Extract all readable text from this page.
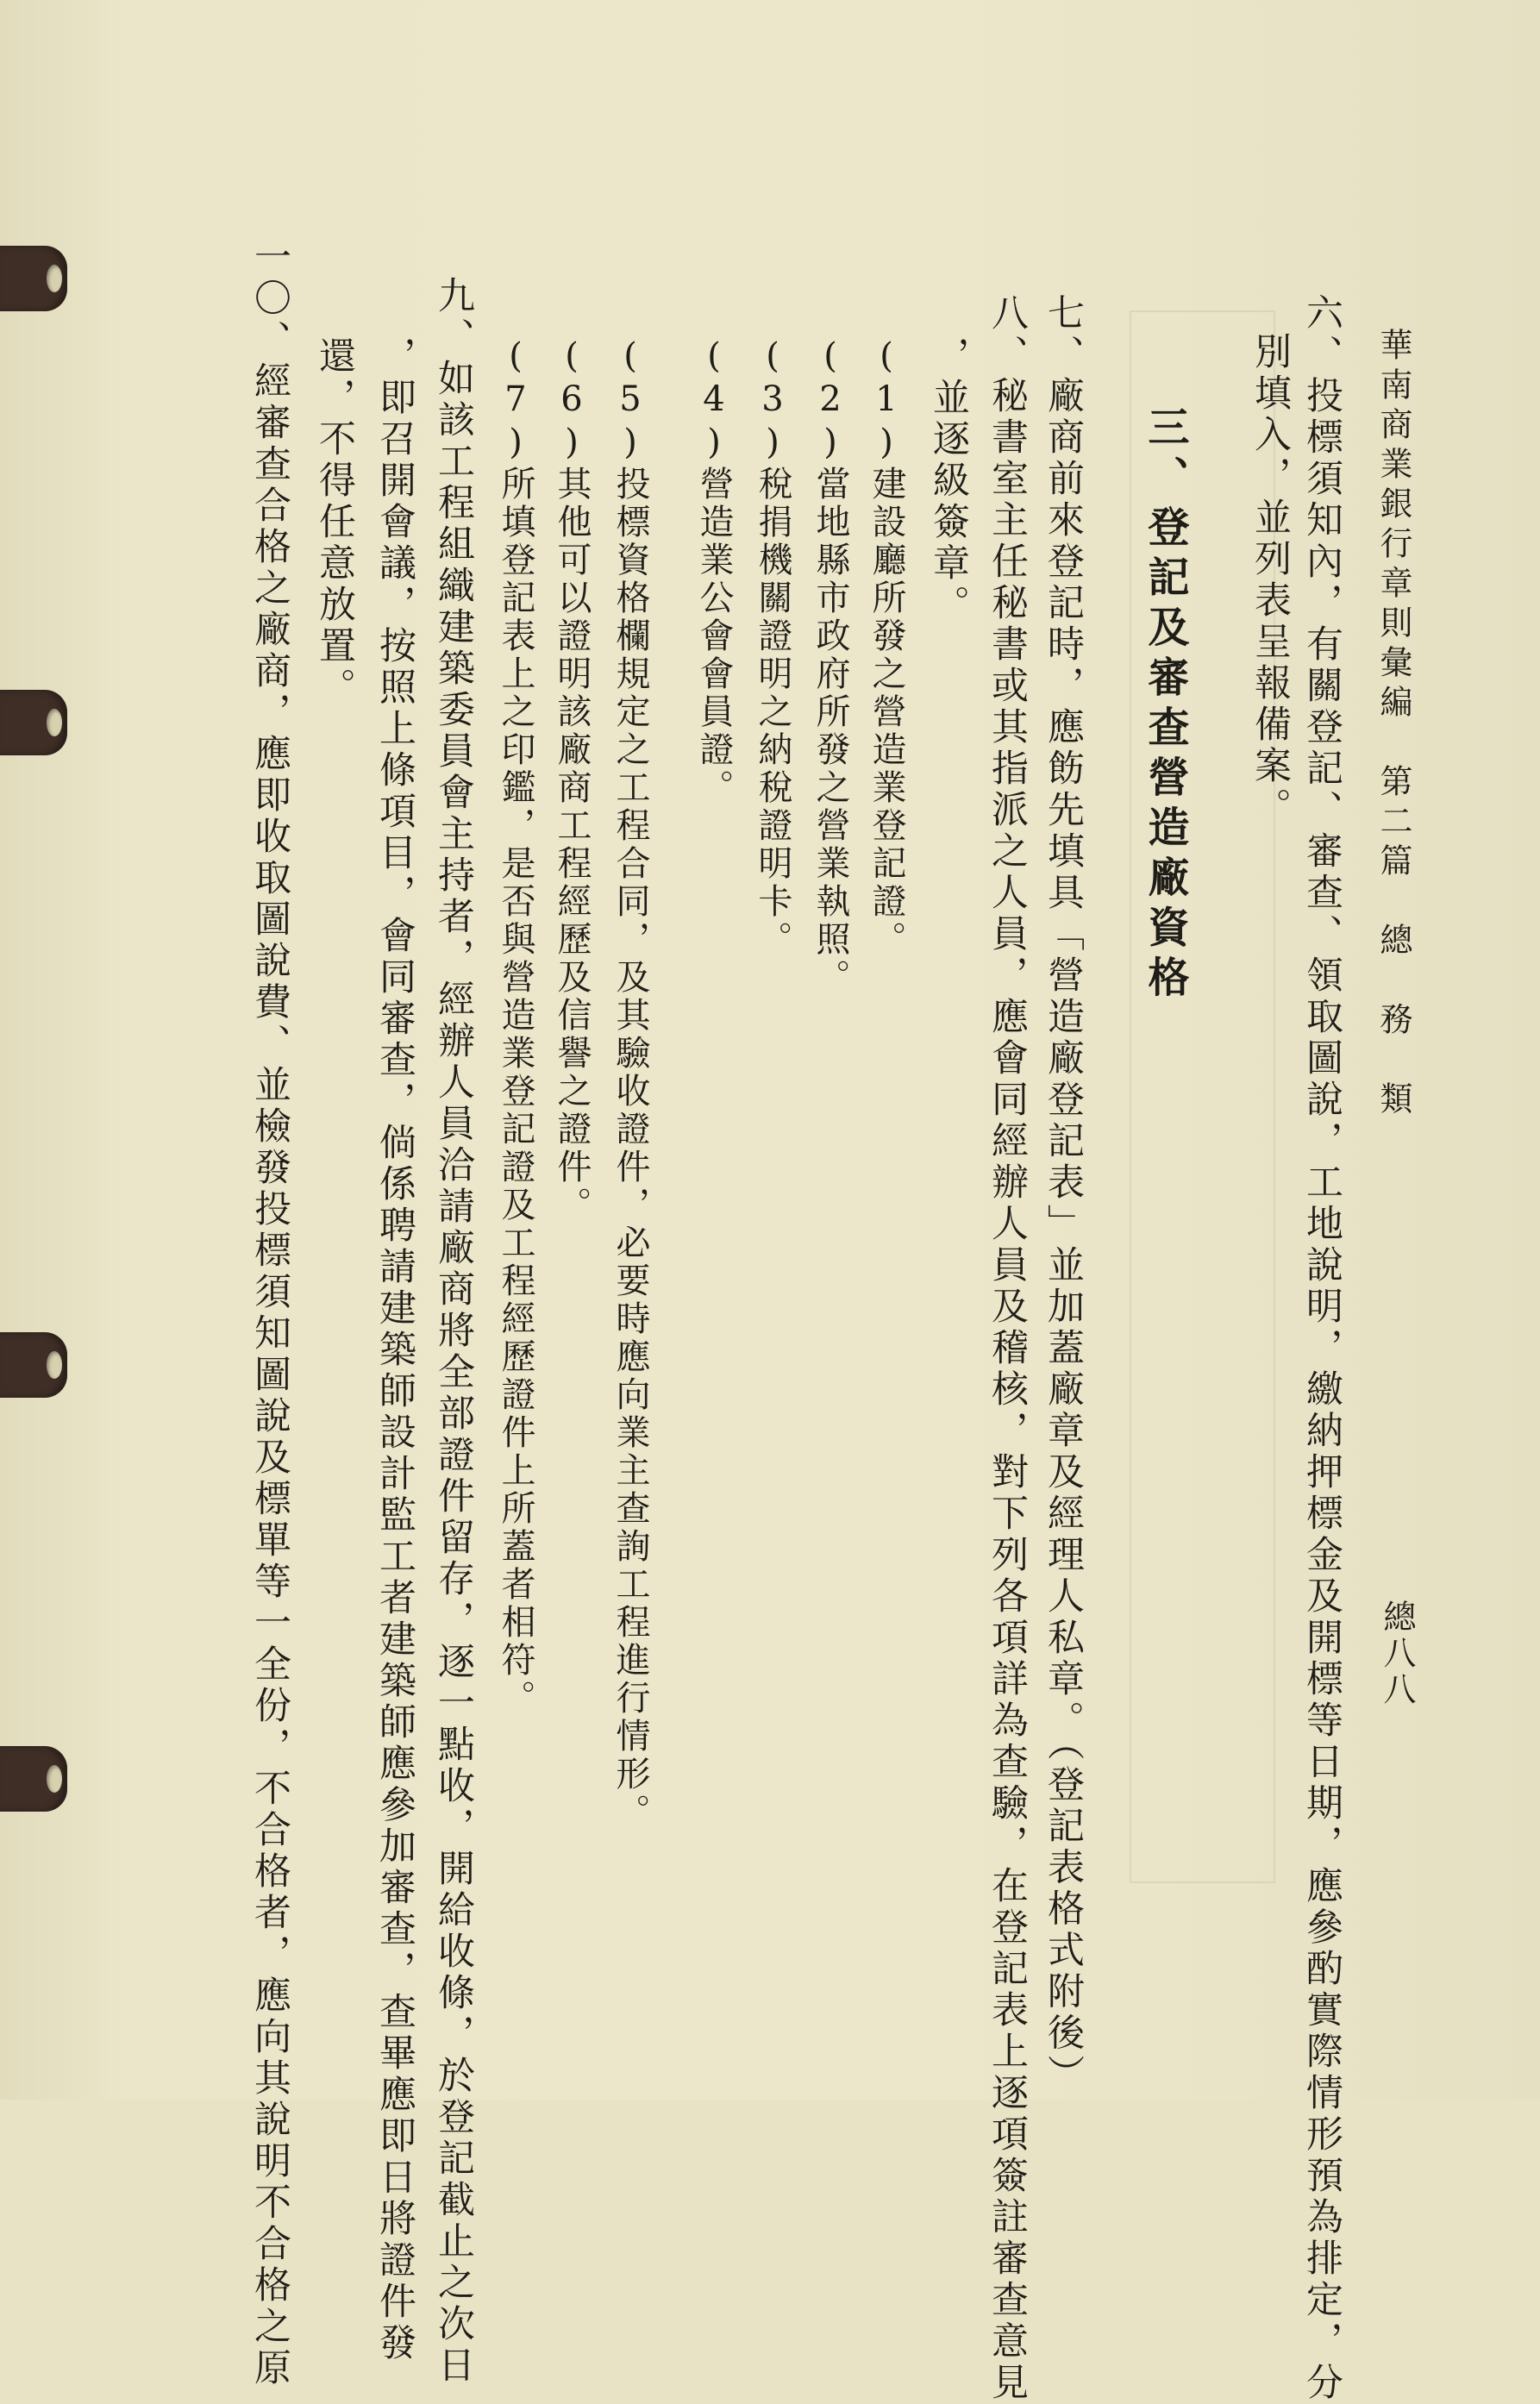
華南商業銀行章則彙編　第二篇　總　務　類
總八八
六、投標須知內，有關登記、審查、領取圖說，工地說明，繳納押標金及開標等日期，應參酌實際情形預為排定，分
別填入，並列表呈報備案。
三、登記及審查營造廠資格
七、廠商前來登記時，應飭先填具「營造廠登記表」並加蓋廠章及經理人私章。（登記表格式附後）
八、秘書室主任秘書或其指派之人員，應會同經辦人員及稽核，對下列各項詳為查驗，在登記表上逐項簽註審查意見
，並逐級簽章。
(1)建設廳所發之營造業登記證。
(2)當地縣市政府所發之營業執照。
(3)稅捐機關證明之納稅證明卡。
(4)營造業公會會員證。
(5)投標資格欄規定之工程合同，及其驗收證件，必要時應向業主查詢工程進行情形。
(6)其他可以證明該廠商工程經歷及信譽之證件。
(7)所填登記表上之印鑑，是否與營造業登記證及工程經歷證件上所蓋者相符。
九、如該工程組織建築委員會主持者，經辦人員洽請廠商將全部證件留存，逐一點收，開給收條，於登記截止之次日
，即召開會議，按照上條項目，會同審查，倘係聘請建築師設計監工者建築師應參加審查，查畢應即日將證件發
還，不得任意放置。
一〇、經審查合格之廠商，應即收取圖說費、並檢發投標須知圖說及標單等一全份，不合格者，應向其說明不合格之原
